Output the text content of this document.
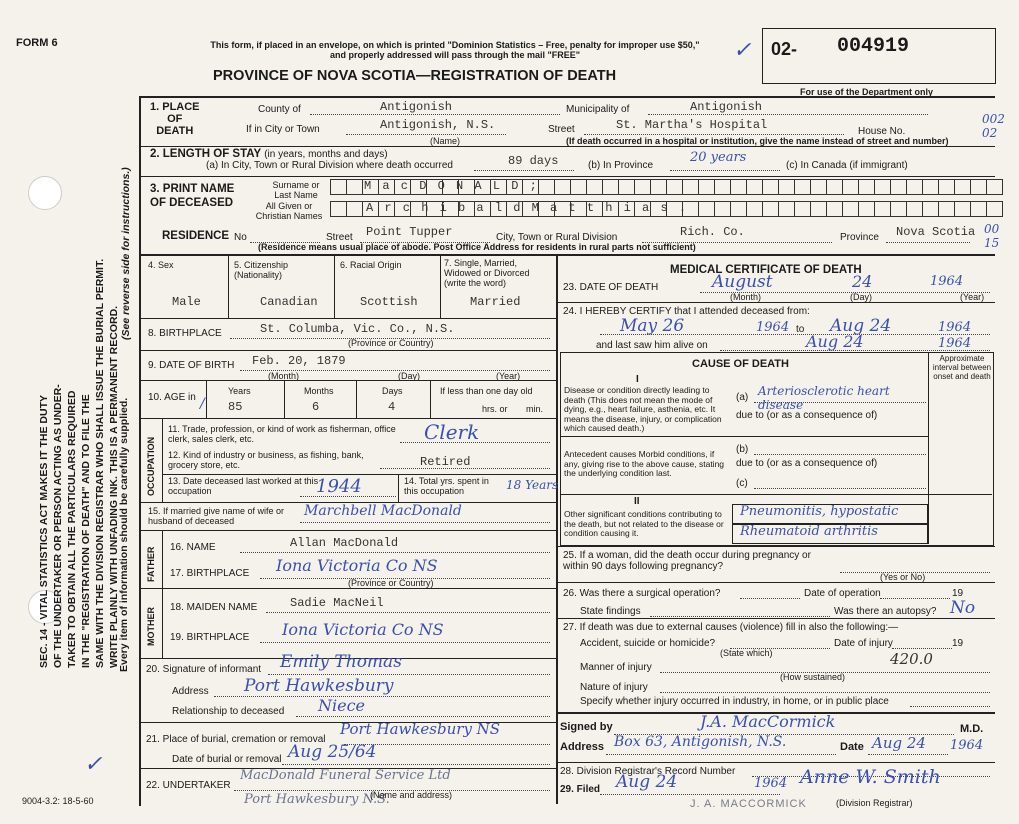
FORM 6	This form, if placed in an envelope, on which is printed "Dominion Statistics – Free, penalty for improper use $50," and properly addressed will pass through the mail "FREE"
PROVINCE OF NOVA SCOTIA—REGISTRATION OF DEATH
✓ 02- 004919
For use of the Department only
002 02
SEC. 14 - VITAL STATISTICS ACT MAKES IT THE DUTY OF THE UNDERTAKER OR PERSON ACTING AS UNDER- TAKER TO OBTAIN ALL THE PARTICULARS REQUIRED IN THE "REGISTRATION OF DEATH" AND TO FILE THE SAME WITH THE DIVISION REGISTRAR WHO SHALL ISSUE THE BURIAL PERMIT. WRITE PLAINLY WITH UNFADING INK. THIS IS A PERMANENT RECORD.
(See reverse side for instructions.)
Every item of information should be carefully supplied.
1. PLACE
OF
DEATH
County of	Antigonish	Municipality of	Antigonish
If in City or Town	Antigonish, N.S.
(Name)
Street	St. Martha's Hospital	House No.
(If death occurred in a hospital or institution, give the name instead of street and number)
2. LENGTH OF STAY (in years, months and days)
(a) In City, Town or Rural Division where death occurred	89 days	(b) In Province
20 years
(c) In Canada (if immigrant)
3. PRINT NAME
OF DECEASED
Surname or Last Name
All Given or Christian Names
M a c D O N A L D ;
A r c h i b a l d M a t t h i a s .
RESIDENCE No	Street Point Tupper	City, Town or Rural Division	Rich. Co.	Province Nova Scotia 00 15
(Residence means usual place of abode. Post Office Address for residents in rural parts not sufficient)
4. Sex
Male
5. Citizenship (Nationality)
Canadian
6. Racial Origin
Scottish
7. Single, Married, Widowed or Divorced (write the word)
Married
8. BIRTHPLACE	St. Columba, Vic. Co., N.S.
(Province or Country)
9. DATE OF BIRTH Feb. 20, 1879
(Month)	(Day)	(Year)
10. AGE in /
Years
85
Months
6
Days
4
If less than one day old
hrs. or min.
OCCUPATION
11. Trade, profession, or kind of work as fisherman, office clerk, sales clerk, etc.	Clerk
12. Kind of industry or business, as fishing, bank, grocery store, etc.	Retired
13. Date deceased last worked at this occupation	1944	14. Total yrs. spent in this occupation	18 Years
15. If married give name of wife or husband of deceased
Marchbell MacDonald
FATHER 16. NAME	Allan MacDonald
17. BIRTHPLACE Iona Victoria Co NS
(Province or Country)
MOTHER 18. MAIDEN NAME	Sadie MacNeil
19. BIRTHPLACE Iona Victoria Co NS
20. Signature of informant Emily Thomas
Address Port Hawkesbury
Relationship to deceased Niece
21. Place of burial, cremation or removal
Port Hawkesbury NS
Date of burial or removal Aug 25/64
22. UNDERTAKER
MacDonald Funeral Service Ltd
Port Hawkesbury N.S.
(Name and address)
MEDICAL CERTIFICATE OF DEATH
23. DATE OF DEATH	August	24	1964
(Month)	(Day)	(Year)
24. I HEREBY CERTIFY that I attended deceased from:
May 26	1964 to Aug 24	1964
and last saw him alive on	Aug 24	1964
CAUSE OF DEATH	Approximate interval between onset and death
I
Disease or condition directly leading to death (This does not mean the mode of dying, e.g., heart failure, asthenia, etc. It means the disease, injury, or complication which caused death.)
(a) Arteriosclerotic heart disease
due to (or as a consequence of)
Antecedent causes Morbid conditions, if any, giving rise to the above cause, stating the underlying condition last.
(b)
due to (or as a consequence of)
(c)
II
Other significant conditions contributing to the death, but not related to the disease or condition causing it.
Pneumonitis, hypostatic
Rheumatoid arthritis
25. If a woman, did the death occur during pregnancy or within 90 days following pregnancy?
(Yes or No)
26. Was there a surgical operation?	Date of operation	19
State findings	Was there an autopsy? No
27. If death was due to external causes (violence) fill in also the following:—
Accident, suicide or homicide?	Date of injury	19
(State which)
Manner of injury	420.0
(How sustained)
Nature of injury
Specify whether injury occurred in industry, in home, or in public place
Signed by	J.A. MacCormick	M.D.
Address Box 63, Antigonish, N.S.	Date Aug 24 1964
28. Division Registrar's Record Number
29. Filed Aug 24	1964 Anne W. Smith
(Division Registrar)
J. A. MACCORMICK
9004-3.2: 18-5-60
✓
